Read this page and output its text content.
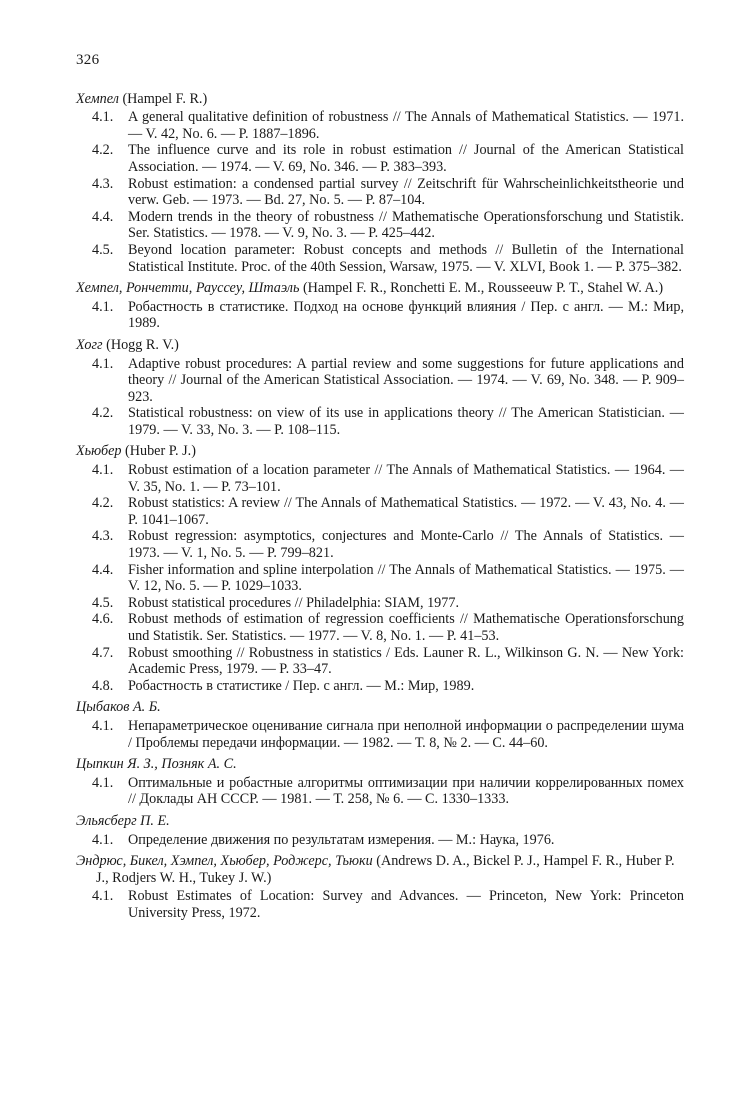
326
Хемпел (Hampel F. R.)
4.1.	A general qualitative definition of robustness // The Annals of Mathematical Statistics. — 1971. — V. 42, No. 6. — P. 1887–1896.
4.2.	The influence curve and its role in robust estimation // Journal of the American Statistical Association. — 1974. — V. 69, No. 346. — P. 383–393.
4.3.	Robust estimation: a condensed partial survey // Zeitschrift für Wahrscheinlichkeitstheorie und verw. Geb. — 1973. — Bd. 27, No. 5. — P. 87–104.
4.4.	Modern trends in the theory of robustness // Mathematische Operationsforschung und Statistik. Ser. Statistics. — 1978. — V. 9, No. 3. — P. 425–442.
4.5.	Beyond location parameter: Robust concepts and methods // Bulletin of the International Statistical Institute. Proc. of the 40th Session, Warsaw, 1975. — V. XLVI, Book 1. — P. 375–382.
Хемпел, Рончетти, Рауссеу, Штаэль (Hampel F. R., Ronchetti E. M., Rousseeuw P. T., Stahel W. A.)
4.1.	Робастность в статистике. Подход на основе функций влияния / Пер. с англ. — М.: Мир, 1989.
Хогг (Hogg R. V.)
4.1.	Adaptive robust procedures: A partial review and some suggestions for future applications and theory // Journal of the American Statistical Association. — 1974. — V. 69, No. 348. — P. 909–923.
4.2.	Statistical robustness: on view of its use in applications theory // The American Statistician. — 1979. — V. 33, No. 3. — P. 108–115.
Хьюбер (Huber P. J.)
4.1.	Robust estimation of a location parameter // The Annals of Mathematical Statistics. — 1964. — V. 35, No. 1. — P. 73–101.
4.2.	Robust statistics: A review // The Annals of Mathematical Statistics. — 1972. — V. 43, No. 4. — P. 1041–1067.
4.3.	Robust regression: asymptotics, conjectures and Monte-Carlo // The Annals of Statistics. — 1973. — V. 1, No. 5. — P. 799–821.
4.4.	Fisher information and spline interpolation // The Annals of Mathematical Statistics. — 1975. — V. 12, No. 5. — P. 1029–1033.
4.5.	Robust statistical procedures // Philadelphia: SIAM, 1977.
4.6.	Robust methods of estimation of regression coefficients // Mathematische Operationsforschung und Statistik. Ser. Statistics. — 1977. — V. 8, No. 1. — P. 41–53.
4.7.	Robust smoothing // Robustness in statistics / Eds. Launer R. L., Wilkinson G. N. — New York: Academic Press, 1979. — P. 33–47.
4.8.	Робастность в статистике / Пер. с англ. — М.: Мир, 1989.
Цыбаков А. Б.
4.1.	Непараметрическое оценивание сигнала при неполной информации о распределении шума / Проблемы передачи информации. — 1982. — Т. 8, № 2. — С. 44–60.
Цыпкин Я. З., Позняк А. С.
4.1.	Оптимальные и робастные алгоритмы оптимизации при наличии коррелированных помех // Доклады АН СССР. — 1981. — Т. 258, № 6. — С. 1330–1333.
Эльясберг П. Е.
4.1.	Определение движения по результатам измерения. — М.: Наука, 1976.
Эндрюс, Бикел, Хэмпел, Хьюбер, Роджерс, Тьюки (Andrews D. A., Bickel P. J., Hampel F. R., Huber P. J., Rodjers W. H., Tukey J. W.)
4.1.	Robust Estimates of Location: Survey and Advances. — Princeton, New York: Princeton University Press, 1972.
